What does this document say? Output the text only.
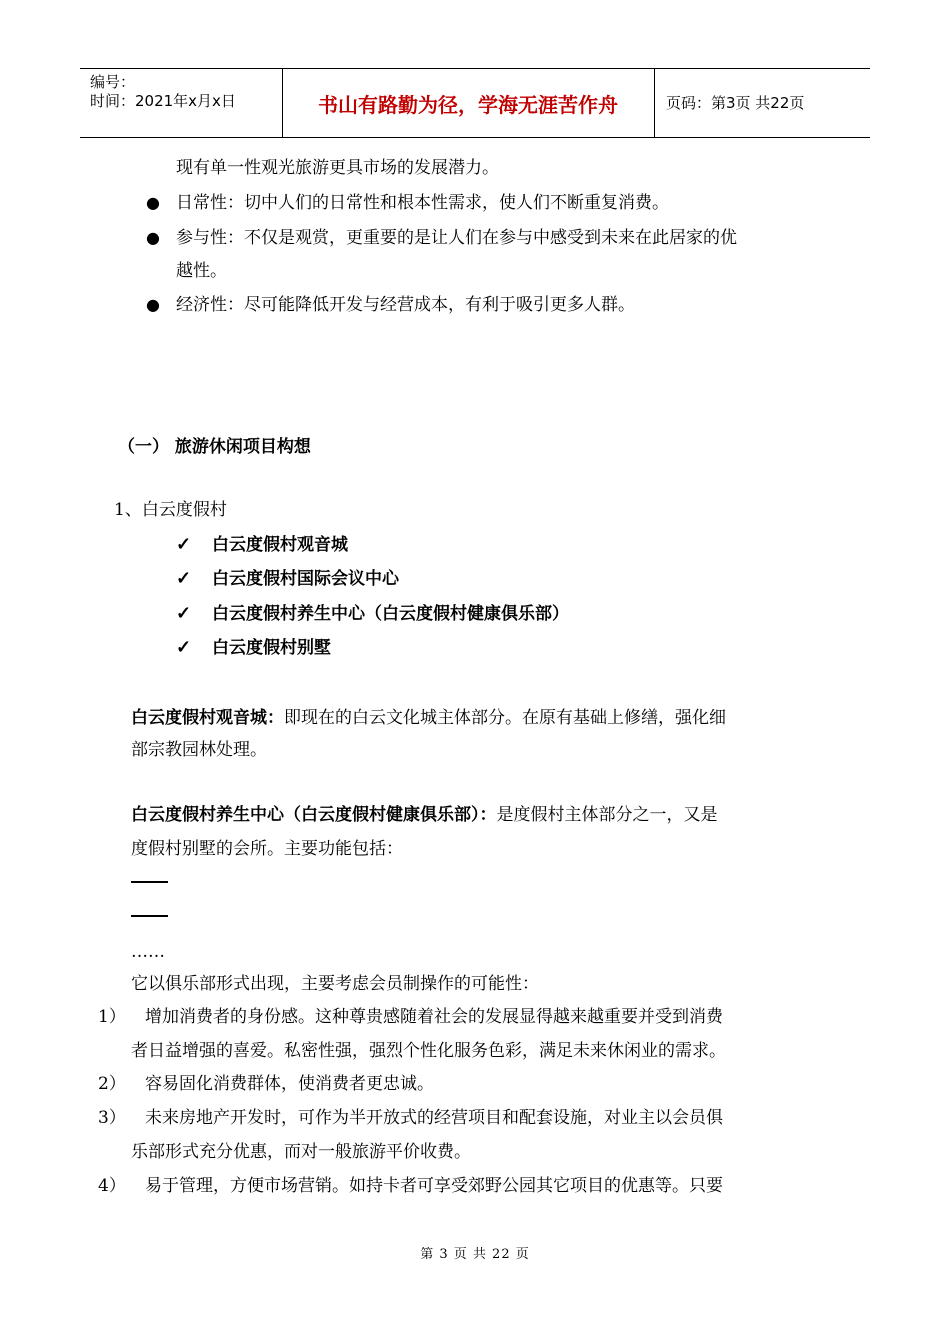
编号：
时间：2021年x月x日	书山有路勤为径，学海无涯苦作舟	页码：第3页 共22页
现有单一性观光旅游更具市场的发展潜力。
● 日常性：切中人们的日常性和根本性需求，使人们不断重复消费。
● 参与性：不仅是观赏，更重要的是让人们在参与中感受到未来在此居家的优
越性。
● 经济性：尽可能降低开发与经营成本，有利于吸引更多人群。
（一） 旅游休闲项目构想
1、白云度假村
✓ 白云度假村观音城
✓ 白云度假村国际会议中心
✓ 白云度假村养生中心（白云度假村健康俱乐部）
✓ 白云度假村别墅
白云度假村观音城：即现在的白云文化城主体部分。在原有基础上修缮，强化细
部宗教园林处理。
白云度假村养生中心（白云度假村健康俱乐部）：是度假村主体部分之一，又是
度假村别墅的会所。主要功能包括：
……
它以俱乐部形式出现，主要考虑会员制操作的可能性：
1） 增加消费者的身份感。这种尊贵感随着社会的发展显得越来越重要并受到消费
者日益增强的喜爱。私密性强，强烈个性化服务色彩，满足未来休闲业的需求。
2） 容易固化消费群体，使消费者更忠诚。
3） 未来房地产开发时，可作为半开放式的经营项目和配套设施，对业主以会员俱
乐部形式充分优惠，而对一般旅游平价收费。
4） 易于管理，方便市场营销。如持卡者可享受郊野公园其它项目的优惠等。只要
第 3 页 共 22 页
